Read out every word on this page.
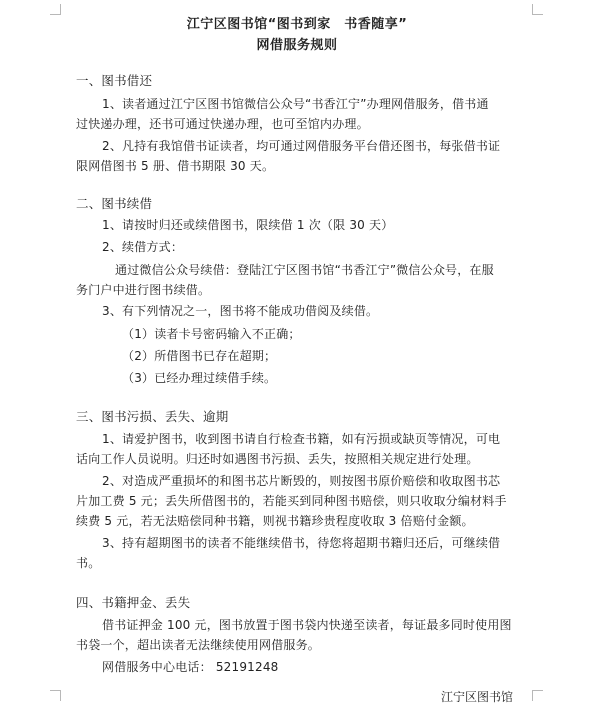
江宁区图书馆“图书到家　书香随享”
网借服务规则
一、图书借还
1、读者通过江宁区图书馆微信公众号“书香江宁”办理网借服务，借书通
过快递办理，还书可通过快递办理，也可至馆内办理。
2、凡持有我馆借书证读者，均可通过网借服务平台借还图书，每张借书证
限网借图书 5 册、借书期限 30 天。
二、图书续借
1、请按时归还或续借图书，限续借 1 次（限 30 天）
2、续借方式：
通过微信公众号续借：登陆江宁区图书馆“书香江宁”微信公众号，在服
务门户中进行图书续借。
3、有下列情况之一，图书将不能成功借阅及续借。
（1）读者卡号密码输入不正确；
（2）所借图书已存在超期；
（3）已经办理过续借手续。
三、图书污损、丢失、逾期
1、请爱护图书，收到图书请自行检查书籍，如有污损或缺页等情况，可电
话向工作人员说明。归还时如遇图书污损、丢失，按照相关规定进行处理。
2、对造成严重损坏的和图书芯片断毁的，则按图书原价赔偿和收取图书芯
片加工费 5 元；丢失所借图书的，若能买到同种图书赔偿，则只收取分编材料手
续费 5 元，若无法赔偿同种书籍，则视书籍珍贵程度收取 3 倍赔付金额。
3、持有超期图书的读者不能继续借书，待您将超期书籍归还后，可继续借
书。
四、书籍押金、丢失
借书证押金 100 元，图书放置于图书袋内快递至读者，每证最多同时使用图
书袋一个，超出读者无法继续使用网借服务。
网借服务中心电话： 52191248
江宁区图书馆
